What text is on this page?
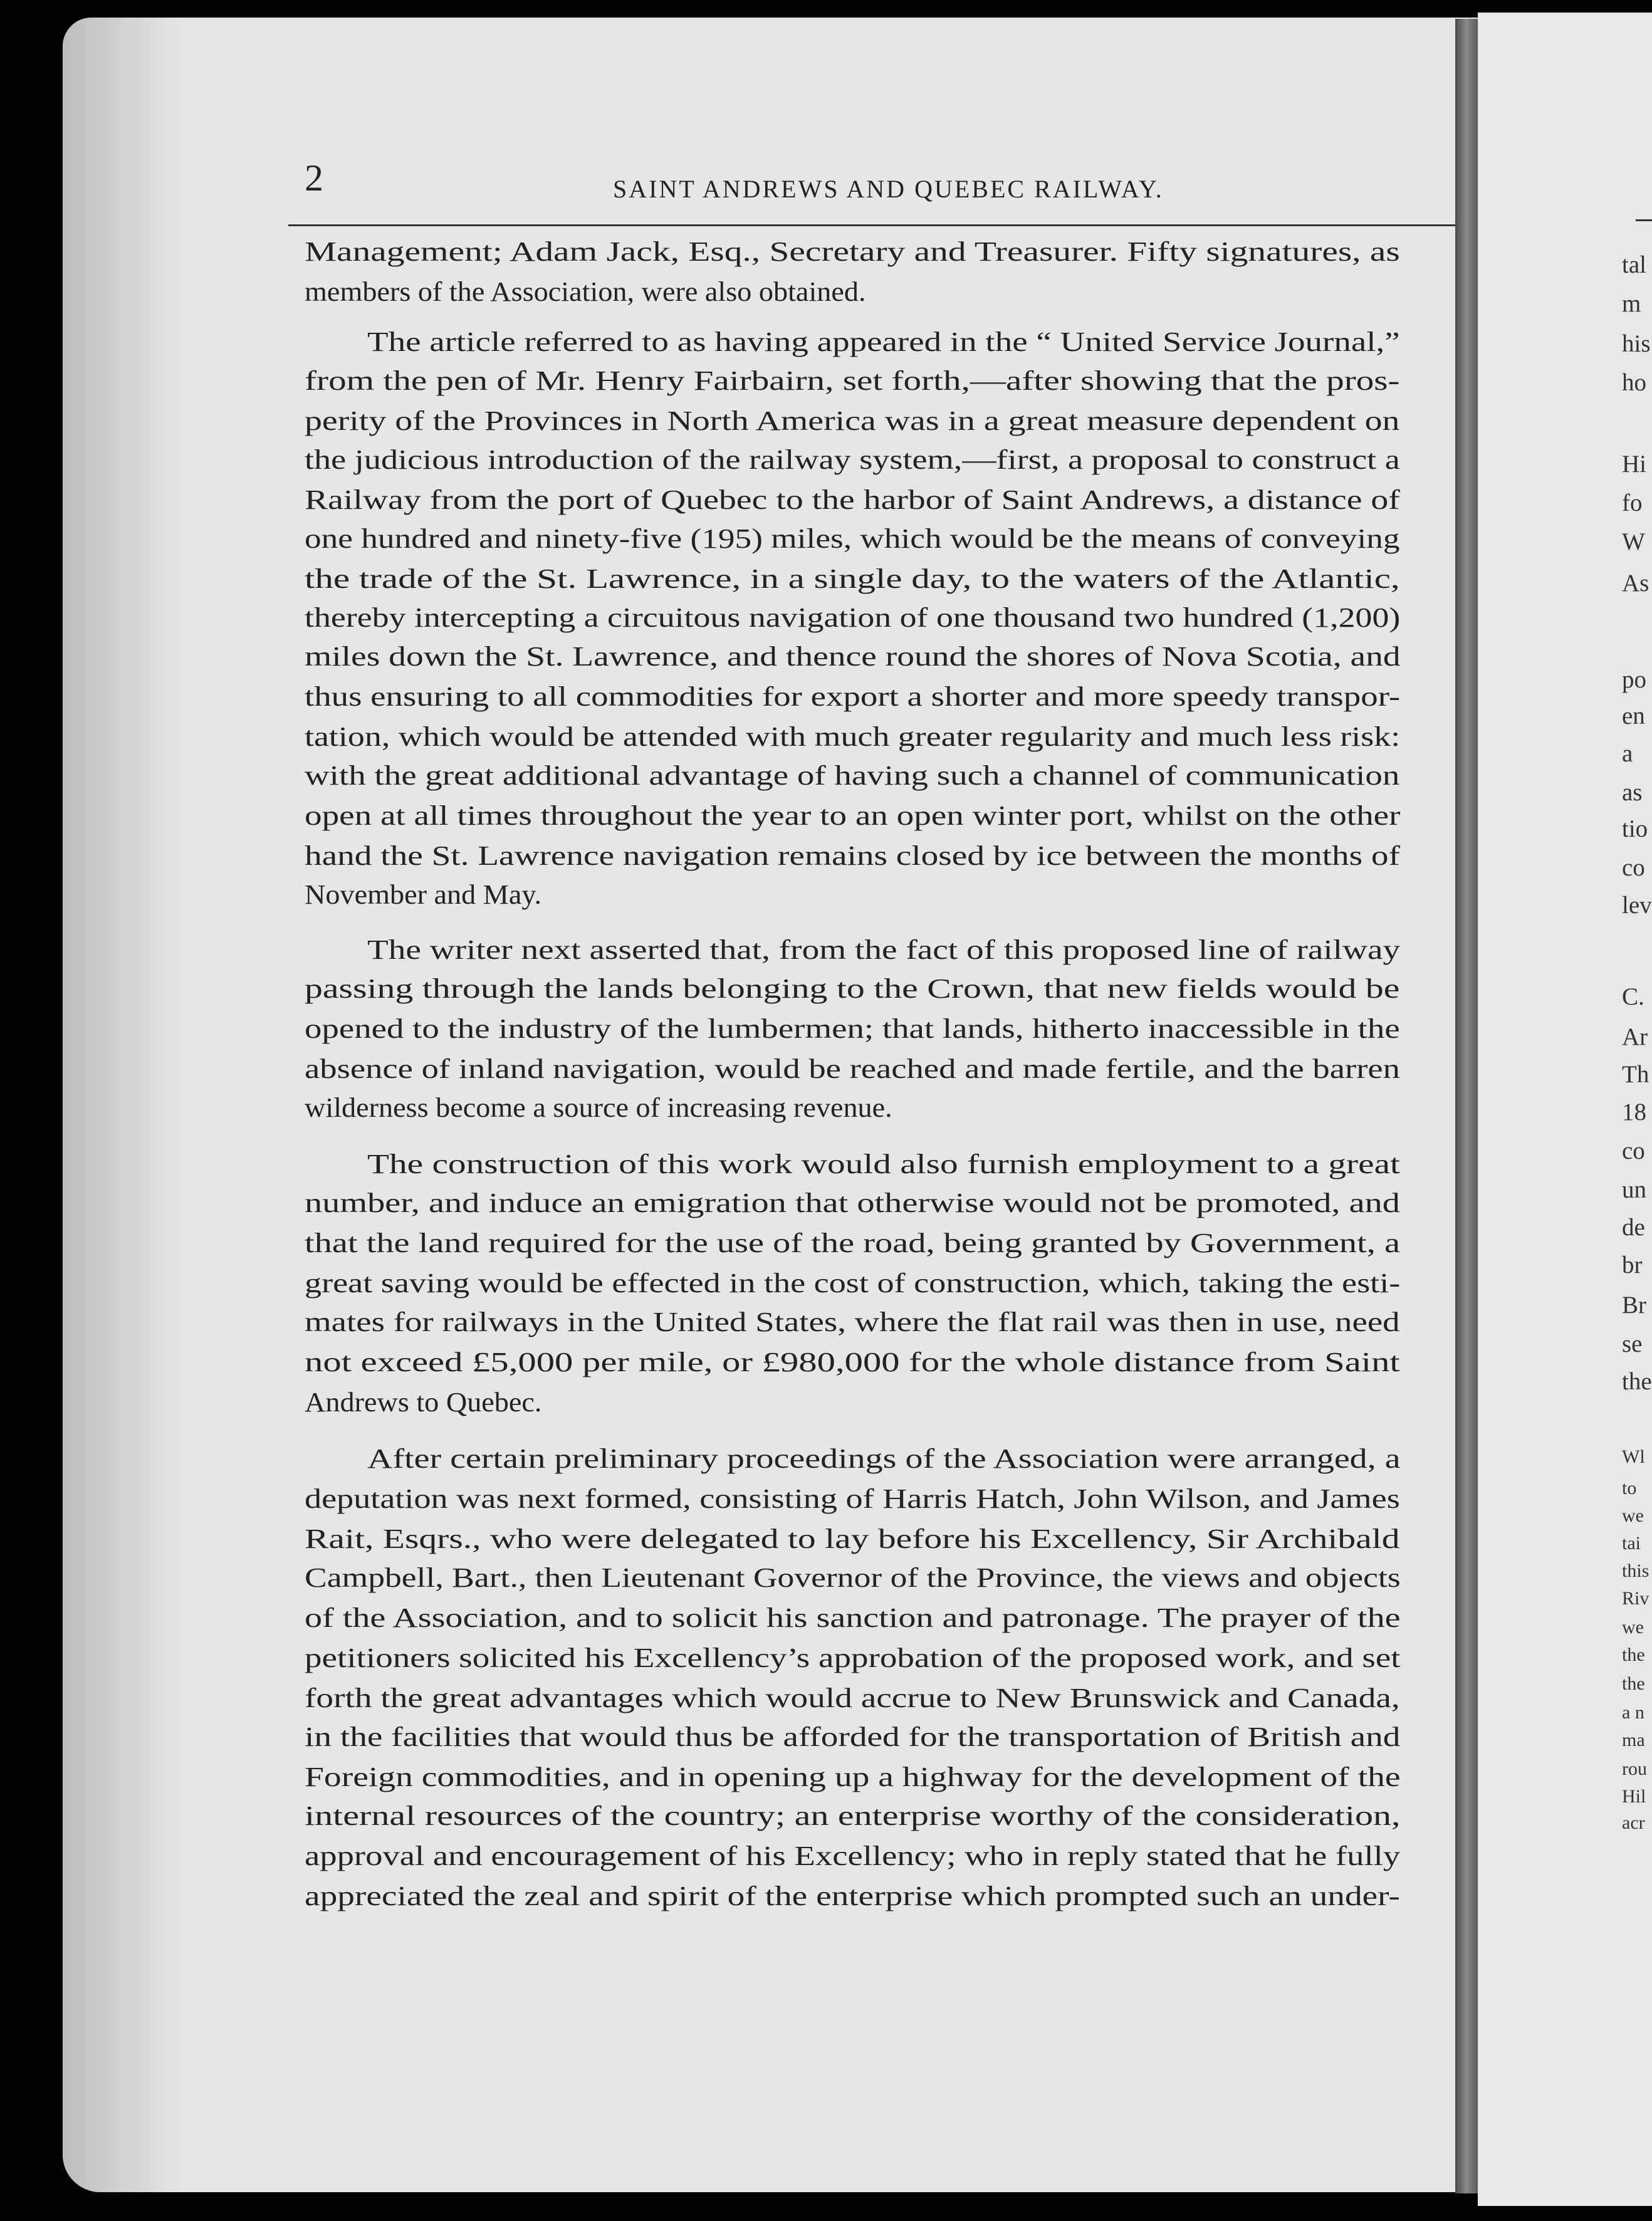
2	SAINT ANDREWS AND QUEBEC RAILWAY.
Management; Adam Jack, Esq., Secretary and Treasurer. Fifty signatures, as
members of the Association, were also obtained.
The article referred to as having appeared in the “ United Service Journal,”
from the pen of Mr. Henry Fairbairn, set forth,—after showing that the pros-
perity of the Provinces in North America was in a great measure dependent on
the judicious introduction of the railway system,—first, a proposal to construct a
Railway from the port of Quebec to the harbor of Saint Andrews, a distance of
one hundred and ninety-five (195) miles, which would be the means of conveying
the trade of the St. Lawrence, in a single day, to the waters of the Atlantic,
thereby intercepting a circuitous navigation of one thousand two hundred (1,200)
miles down the St. Lawrence, and thence round the shores of Nova Scotia, and
thus ensuring to all commodities for export a shorter and more speedy transpor-
tation, which would be attended with much greater regularity and much less risk:
with the great additional advantage of having such a channel of communication
open at all times throughout the year to an open winter port, whilst on the other
hand the St. Lawrence navigation remains closed by ice between the months of
November and May.
The writer next asserted that, from the fact of this proposed line of railway
passing through the lands belonging to the Crown, that new fields would be
opened to the industry of the lumbermen; that lands, hitherto inaccessible in the
absence of inland navigation, would be reached and made fertile, and the barren
wilderness become a source of increasing revenue.
The construction of this work would also furnish employment to a great
number, and induce an emigration that otherwise would not be promoted, and
that the land required for the use of the road, being granted by Government, a
great saving would be effected in the cost of construction, which, taking the esti-
mates for railways in the United States, where the flat rail was then in use, need
not exceed £5,000 per mile, or £980,000 for the whole distance from Saint
Andrews to Quebec.
After certain preliminary proceedings of the Association were arranged, a
deputation was next formed, consisting of Harris Hatch, John Wilson, and James
Rait, Esqrs., who were delegated to lay before his Excellency, Sir Archibald
Campbell, Bart., then Lieutenant Governor of the Province, the views and objects
of the Association, and to solicit his sanction and patronage. The prayer of the
petitioners solicited his Excellency’s approbation of the proposed work, and set
forth the great advantages which would accrue to New Brunswick and Canada,
in the facilities that would thus be afforded for the transportation of British and
Foreign commodities, and in opening up a highway for the development of the
internal resources of the country; an enterprise worthy of the consideration,
approval and encouragement of his Excellency; who in reply stated that he fully
appreciated the zeal and spirit of the enterprise which prompted such an under-
tal
m
his
ho
Hi
fo
W
As
po
en
a
as
tio
co
lev
C.
Ar
Th
18
co
un
de
br
Br
se
the
Wl
to
we
tai
this
Riv
we
the
the
a n
ma
rou
Hil
acr
